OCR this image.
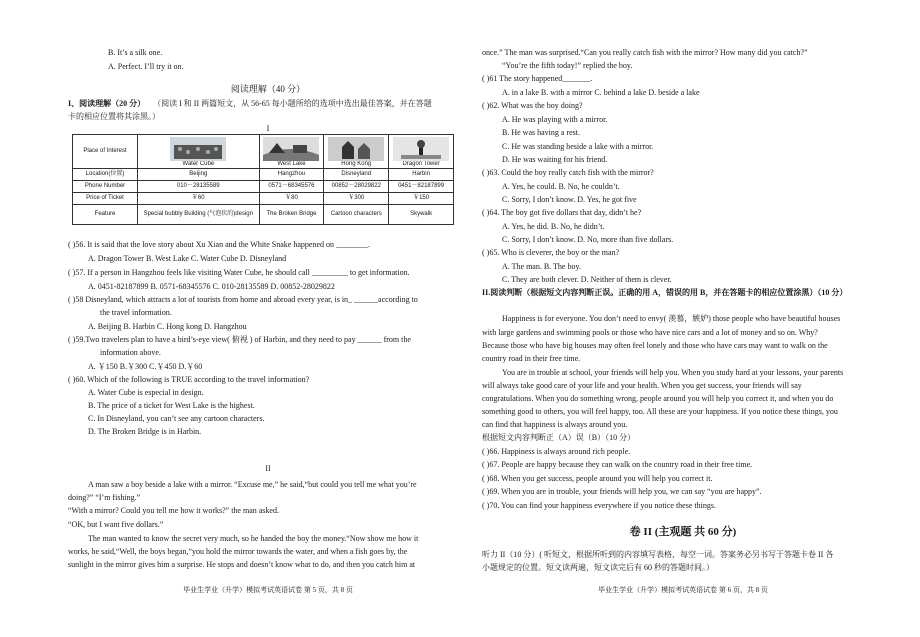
B. It’s a silk one.
A. Perfect. I’ll try it on.
阅读理解（40 分）
I、阅读理解（20 分） （阅读 I 和 II 两篇短文，从 56-65 每小题所给的选项中选出最佳答案，并在答题
卡的相应位置将其涂黑。）
I
Place of Interest	Water Cube	West Lake	Hong Kong	Dragon Tower

Location(位置)	Beijing	Hangzhou	Disneyland	Harbin
Phone Number	010－28135589	0571－68345576	00852－28029822	0451－82187899
Price of Ticket	￥60	￥80	￥300	￥150
Feature	Special bubbly Building (气泡状的)design	The Broken Bridge	Cartoon characters	Skywalk
( )56. It is said that the love story about Xu Xian and the White Snake happened on ________.
A. Dragon Tower B. West Lake C. Water Cube D. Disneyland
( )57. If a person in Hangzhou feels like visiting Water Cube, he should call _________ to get information.
A. 0451-82187899 B. 0571-68345576 C. 010-28135589 D. 00852-28029822
( )58 Disneyland, which attracts a lot of tourists from home and abroad every year, is in_ ______according to
the travel information.
A. Beijing B. Harbin C. Hong kong D. Hangzhou
( )59.Two travelers plan to have a bird’s-eye view( 俯视 ) of Harbin, and they need to pay ______ from the
information above.
A. ￥150 B.￥300 C.￥450 D.￥60
( )60. Which of the following is TRUE according to the travel information?
A. Water Cube is especial in design.
B. The price of a ticket for West Lake is the highest.
C. In Disneyland, you can’t see any cartoon characters.
D. The Broken Bridge is in Harbin.
II
A man saw a boy beside a lake with a mirror. “Excuse me,” he said,“but could you tell me what you’re
doing?” “I’m fishing.”
“With a mirror? Could you tell me how it works?” the man asked.
“OK, but I want five dollars.”
The man wanted to know the secret very much, so he handed the boy the money.“Now show me how it
works, he said,“Well, the boys began,“you hold the mirror towards the water, and when a fish goes by, the
sunlight in the mirror gives him a surprise. He stops and doesn’t know what to do, and then you catch him at
毕业生学业（升学）模拟考试英语试卷 第 5 页，共 8 页
once.” The man was surprised.“Can you really catch fish with the mirror? How many did you catch?”
“You’re the fifth today!” replied the boy.
( )61 The story happened_______.
A. in a lake B. with a mirror C. behind a lake D. beside a lake
( )62. What was the boy doing?
A. He was playing with a mirror.
B. He was having a rest.
C. He was standing beside a lake with a mirror.
D. He was waiting for his friend.
( )63. Could the boy really catch fish with the mirror?
A. Yes, he could. B. No, he couldn’t.
C. Sorry, I don’t know. D. Yes, he got five
( )64. The boy got five dollars that day, didn’t he?
A. Yes, he did. B. No, he didn’t.
C. Sorry, I don’t know. D. No, more than five dollars.
( )65. Who is cleverer, the boy or the man?
A. The man. B. The boy.
C. They are both clever. D. Neither of them is clever.
II.阅读判断（根据短文内容判断正误。正确的用 A，错误的用 B，并在答题卡的相应位置涂黑）（10 分）
Happiness is for everyone. You don’t need to envy( 羡慕，嫉妒) those people who have beautiful houses
with large gardens and swimming pools or those who have nice cars and a lot of money and so on. Why?
Because those who have big houses may often feel lonely and those who have cars may want to walk on the
country road in their free time.
You are in trouble at school, your friends will help you. When you study hard at your lessons, your parents
will always take good care of your life and your health. When you get success, your friends will say
congratulations. When you do something wrong, people around you will help you correct it, and when you do
something good to others, you will feel happy, too. All these are your happiness. If you notice these things, you
can find that happiness is always around you.
根据短文内容判断正（A）误（B）（10 分）
( )66. Happiness is always around rich people.
( )67. People are happy because they can walk on the country road in their free time.
( )68. When you get success, people around you will help you correct it.
( )69. When you are in trouble, your friends will help you, we can say “you are happy”.
( )70. You can find your happiness everywhere if you notice these things.
卷 II (主观题 共 60 分)
听力 II（10 分）( 听短文，根据所听到的内容填写表格，每空一词。答案务必另书写于答题卡卷 II 各
小题规定的位置。短文读两遍，短文读完后有 60 秒的答题时间。）
毕业生学业（升学）模拟考试英语试卷 第 6 页，共 8 页
